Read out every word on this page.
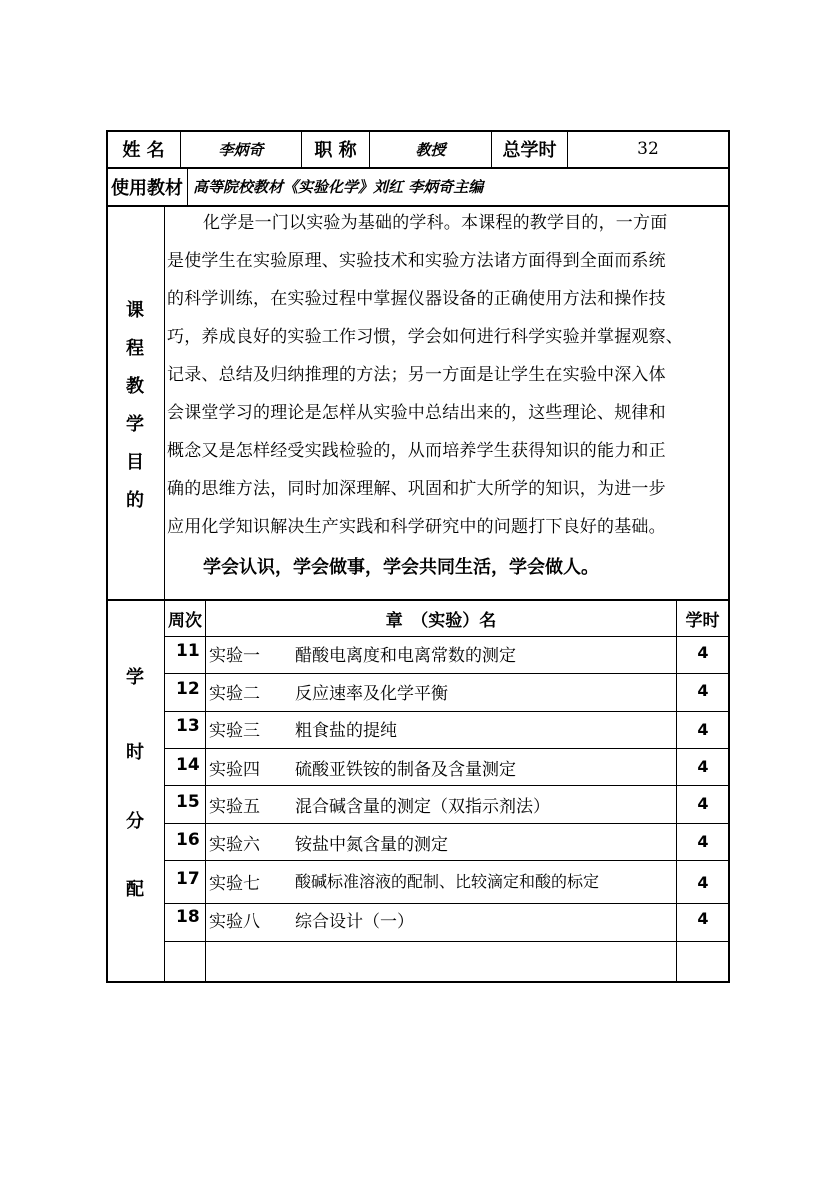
姓 名	李炳奇	职 称	教授	总学时	32
使用教材 高等院校教材《实验化学》刘红 李炳奇主编
课
程
教
学
目
的
化学是一门以实验为基础的学科。本课程的教学目的，一方面
是使学生在实验原理、实验技术和实验方法诸方面得到全面而系统
的科学训练，在实验过程中掌握仪器设备的正确使用方法和操作技
巧，养成良好的实验工作习惯，学会如何进行科学实验并掌握观察、
记录、总结及归纳推理的方法；另一方面是让学生在实验中深入体
会课堂学习的理论是怎样从实验中总结出来的，这些理论、规律和
概念又是怎样经受实践检验的，从而培养学生获得知识的能力和正
确的思维方法，同时加深理解、巩固和扩大所学的知识，为进一步
应用化学知识解决生产实践和科学研究中的问题打下良好的基础。
学会认识，学会做事，学会共同生活，学会做人。
学
时
分
配
周次	章　（实验）名	学时
11 实验一 醋酸电离度和电离常数的测定	4
12 实验二 反应速率及化学平衡	4
13 实验三 粗食盐的提纯	4
14 实验四 硫酸亚铁铵的制备及含量测定	4
15 实验五 混合碱含量的测定（双指示剂法）	4
16 实验六 铵盐中氮含量的测定	4
17 实验七 酸碱标准溶液的配制、比较滴定和酸的标定	4
18 实验八 综合设计（一）	4
